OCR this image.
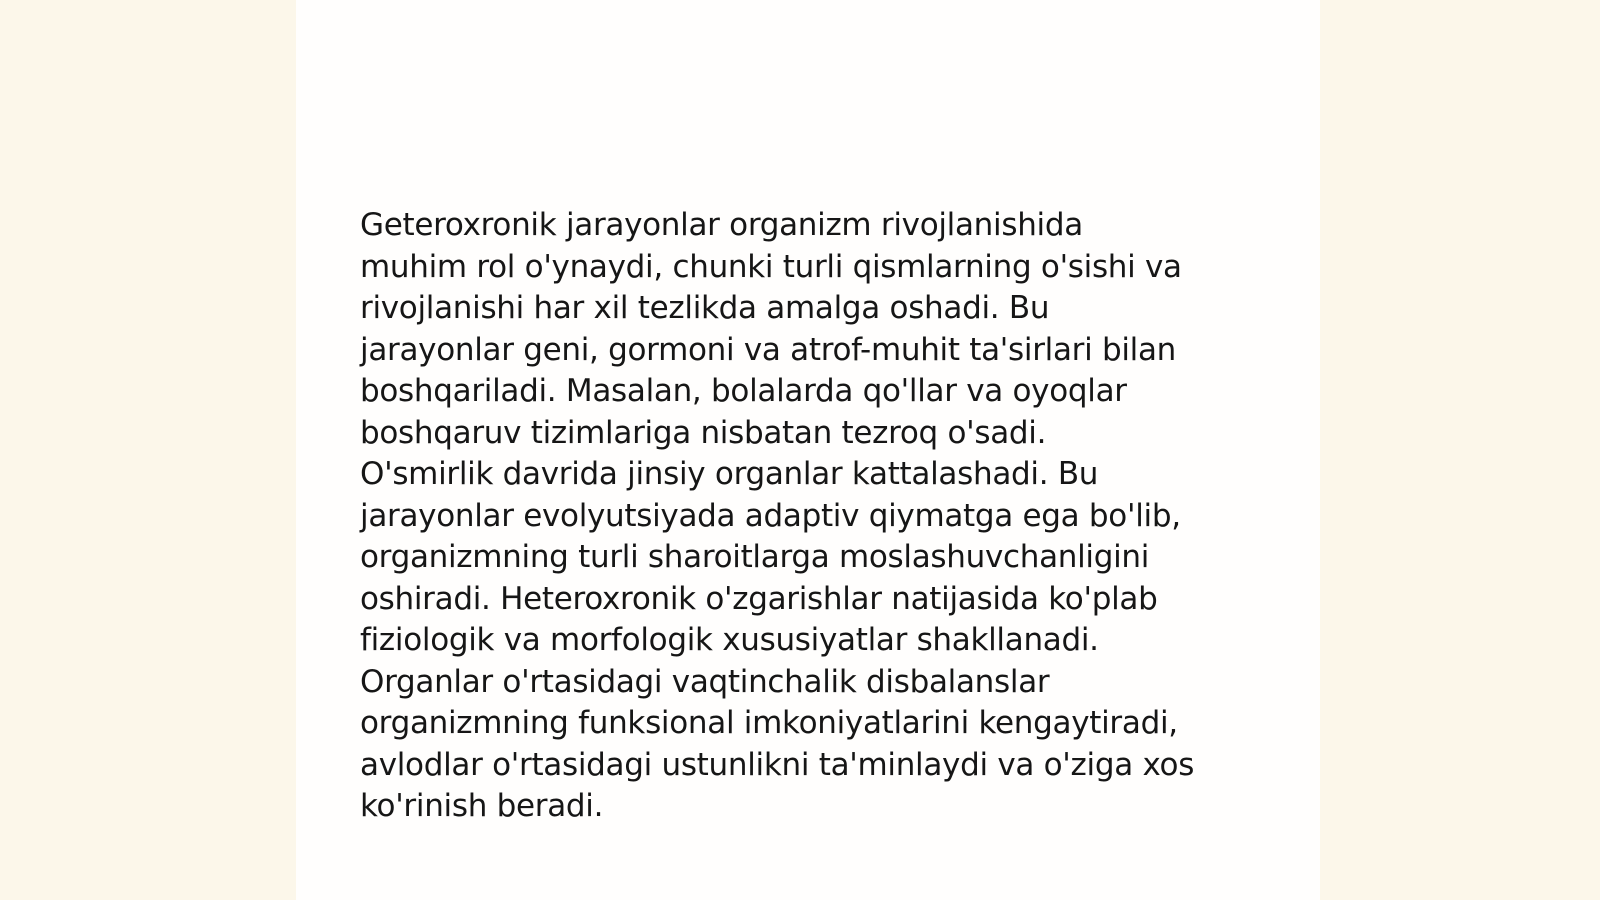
Geteroxronik jarayonlar organizm rivojlanishida
muhim rol o'ynaydi, chunki turli qismlarning o'sishi va
rivojlanishi har xil tezlikda amalga oshadi. Bu
jarayonlar geni, gormoni va atrof-muhit ta'sirlari bilan
boshqariladi. Masalan, bolalarda qo'llar va oyoqlar
boshqaruv tizimlariga nisbatan tezroq o'sadi.
O'smirlik davrida jinsiy organlar kattalashadi. Bu
jarayonlar evolyutsiyada adaptiv qiymatga ega bo'lib,
organizmning turli sharoitlarga moslashuvchanligini
oshiradi. Heteroxronik o'zgarishlar natijasida ko'plab
fiziologik va morfologik xususiyatlar shakllanadi.
Organlar o'rtasidagi vaqtinchalik disbalanslar
organizmning funksional imkoniyatlarini kengaytiradi,
avlodlar o'rtasidagi ustunlikni ta'minlaydi va o'ziga xos
ko'rinish beradi.
